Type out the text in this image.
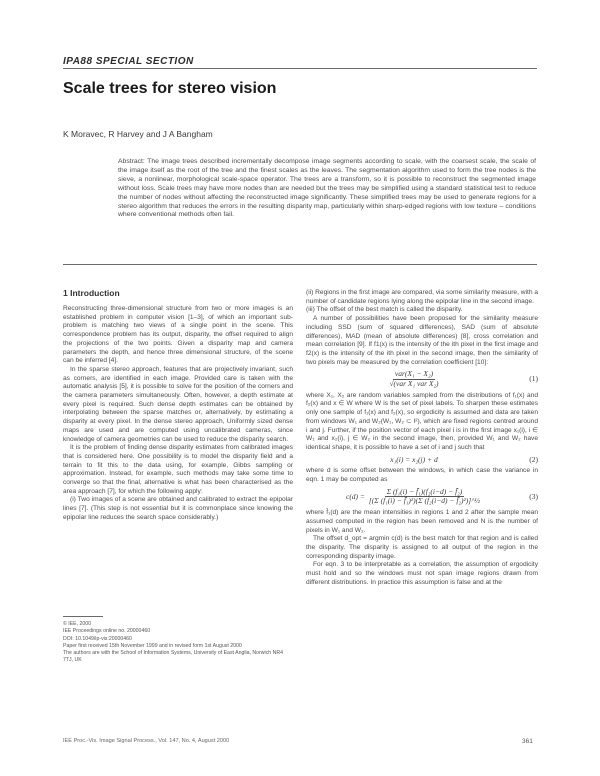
IPA88 SPECIAL SECTION
Scale trees for stereo vision
K Moravec, R Harvey and J A Bangham
Abstract: The image trees described incrementally decompose image segments according to scale, with the coarsest scale, the scale of the image itself as the root of the tree and the finest scales as the leaves. The segmentation algorithm used to form the tree nodes is the sieve, a nonlinear, morphological scale-space operator. The trees are a transform, so it is possible to reconstruct the segmented image without loss. Scale trees may have more nodes than are needed but the trees may be simplified using a standard statistical test to reduce the number of nodes without affecting the reconstructed image significantly. These simplified trees may be used to generate regions for a stereo algorithm that reduces the errors in the resulting disparity map, particularly within sharp-edged regions with low texture – conditions where conventional methods often fail.
1 Introduction

Reconstructing three-dimensional structure from two or more images is an established problem in computer vision [1–3], of which an important sub-problem is matching two views of a single point in the scene. This correspondence problem has its output, disparity, the offset required to align the projections of the two points. Given a disparity map and camera parameters the depth, and hence three dimensional structure, of the scene can be inferred [4].

In the sparse stereo approach, features that are projectively invariant, such as corners, are identified in each image. Provided care is taken with the automatic analysis [5], it is possible to solve for the position of the corners and the camera parameters simultaneously. Often, however, a depth estimate at every pixel is required. Such dense depth estimates can be obtained by interpolating between the sparse matches or, alternatively, by estimating a disparity at every pixel. In the dense stereo approach, Uniformly sized dense maps are used and are computed using uncalibrated cameras, since knowledge of camera geometries can be used to reduce the disparity search.

It is the problem of finding dense disparity estimates from calibrated images that is considered here. One possibility is to model the disparity field and a terrain to fit this to the data using, for example, Gibbs sampling or approximation. Instead, for example, such methods may take some time to converge so that the final, alternative is what has been characterised as the area approach [7], for which the following apply:

(i) Two images of a scene are obtained and calibrated to extract the epipolar lines [7]. (This step is not essential but it is commonplace since knowing the epipolar line reduces the search space considerably.)

(ii) Regions in the first image are compared, via some similarity measure, with a number of candidate regions lying along the epipolar line in the second image.

(iii) The offset of the best match is called the disparity.

A number of possibilities have been proposed for the similarity measure including SSD (sum of squared differences), SAD (sum of absolute differences), MAD (mean of absolute differences) [8], cross correlation and mean correlation [9]. If f1(x) is the intensity of the ith pixel in the first image and f2(x) is the intensity of the ith pixel in the second image, then the similarity of two pixels may be measured by the correlation coefficient [10]:

$\frac{\text{var(X₁ − X₂)}}{\text{√(var X₁ var X₂)}}$	(1)

where X₁, X₂ are random variables sampled from the distributions of f₁(x) and f₂(x) and x ∈ W where W is the set of pixel labels. To sharpen these estimates only one sample of f₁(x) and f₂(x), so ergodicity is assumed and data are taken from windows W₁ and W₂(W₁, W₂ ⊂ I²), which are fixed regions centred around i and j. Further, if the position vector of each pixel i is in the first image x₁(i), i ∈ W₁ and x₂(i), j ∈ W₂ in the second image, then, provided W₁ and W₂ have identical shape, it is possible to have a set of i and j such that

x₁(i) = x₂(j) + d	(2)

where d is some offset between the windows, in which case the variance in eqn. 1 may be computed as

$c(d) = \frac{\text{Σ (f₁(i) − f̄₁)(f₂(i−d) − f̄₂)}}{\text{[(Σ (f₁(i) − f̄₁)²)(Σ (f₂(i−d) − f̄₂)²)]\textasciicircum{}½}}$	(3)

where f̄₁(d) are the mean intensities in regions 1 and 2 after the sample mean assumed computed in the region has been removed and N is the number of pixels in W₁ and W₂.

The offset d_opt = argmin c(d) is the best match for that region and is called the disparity. The disparity is assigned to all output of the region in the corresponding disparity image.

For eqn. 3 to be interpretable as a correlation, the assumption of ergodicity must hold and so the windows must not span image regions drawn from different distributions. In practice this assumption is false and at the

© IEE, 2000
IEE Proceedings online no. 20000460
DOI: 10.1049/ip-vis:20000460
Paper first received 15th November 1999 and in revised form 1st August 2000
The authors are with the School of Information Systems, University of East Anglia, Norwich NR4 7TJ, UK
IEE Proc.-Vis. Image Signal Process., Vol. 147, No. 4, August 2000	361
